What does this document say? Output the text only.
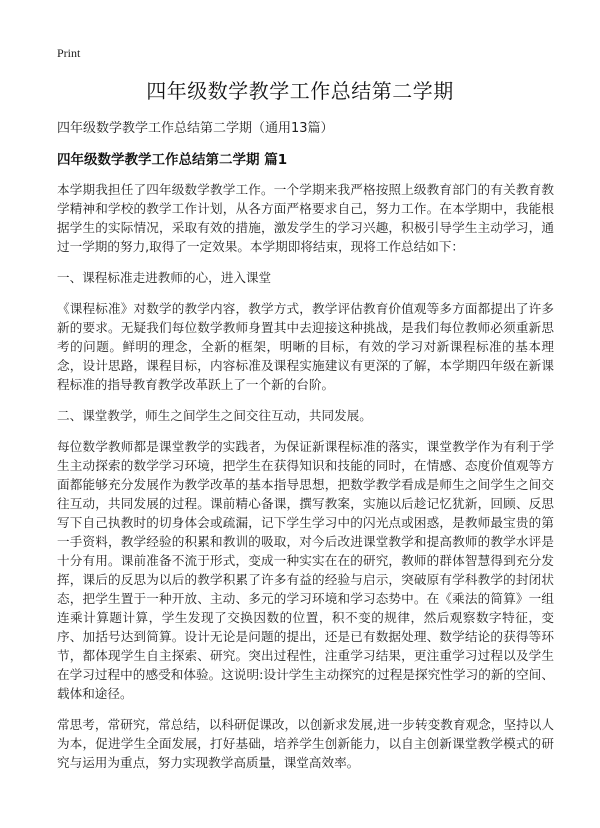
Print
四年级数学教学工作总结第二学期
四年级数学教学工作总结第二学期（通用13篇）
四年级数学教学工作总结第二学期 篇1

本学期我担任了四年级数学教学工作。一个学期来我严格按照上级教育部门的有关教育教学精神和学校的教学工作计划，从各方面严格要求自己，努力工作。在本学期中，我能根据学生的实际情况，采取有效的措施，激发学生的学习兴趣，积极引导学生主动学习，通过一学期的努力,取得了一定效果。本学期即将结束，现将工作总结如下：

一、课程标准走进教师的心，进入课堂

《课程标准》对数学的教学内容，教学方式，教学评估教育价值观等多方面都提出了许多新的要求。无疑我们每位数学教师身置其中去迎接这种挑战，是我们每位教师必须重新思考的问题。鲜明的理念，全新的框架，明晰的目标，有效的学习对新课程标准的基本理念，设计思路，课程目标，内容标准及课程实施建议有更深的了解，本学期四年级在新课程标准的指导教育教学改革跃上了一个新的台阶。

二、课堂教学，师生之间学生之间交往互动，共同发展。

每位数学教师都是课堂教学的实践者，为保证新课程标准的落实，课堂教学作为有利于学生主动探索的数学学习环境，把学生在获得知识和技能的同时，在情感、态度价值观等方面都能够充分发展作为教学改革的基本指导思想，把数学教学看成是师生之间学生之间交往互动，共同发展的过程。课前精心备课，撰写教案，实施以后趁记忆犹新，回顾、反思写下自己执教时的切身体会或疏漏，记下学生学习中的闪光点或困惑，是教师最宝贵的第一手资料，教学经验的积累和教训的吸取，对今后改进课堂教学和提高教师的教学水评是十分有用。课前准备不流于形式，变成一种实实在在的研究，教师的群体智慧得到充分发挥，课后的反思为以后的教学积累了许多有益的经验与启示，突破原有学科教学的封闭状态，把学生置于一种开放、主动、多元的学习环境和学习态势中。在《乘法的简算》一组连乘计算题计算，学生发现了交换因数的位置，积不变的规律，然后观察数字特征，变序、加括号达到简算。设计无论是问题的提出，还是已有数据处理、数学结论的获得等环节，都体现学生自主探索、研究。突出过程性，注重学习结果，更注重学习过程以及学生在学习过程中的感受和体验。这说明:设计学生主动探究的过程是探究性学习的新的空间、载体和途径。

常思考，常研究，常总结，以科研促课改，以创新求发展,进一步转变教育观念，坚持以人为本，促进学生全面发展，打好基础，培养学生创新能力，以自主创新课堂教学模式的研究与运用为重点，努力实现教学高质量，课堂高效率。
